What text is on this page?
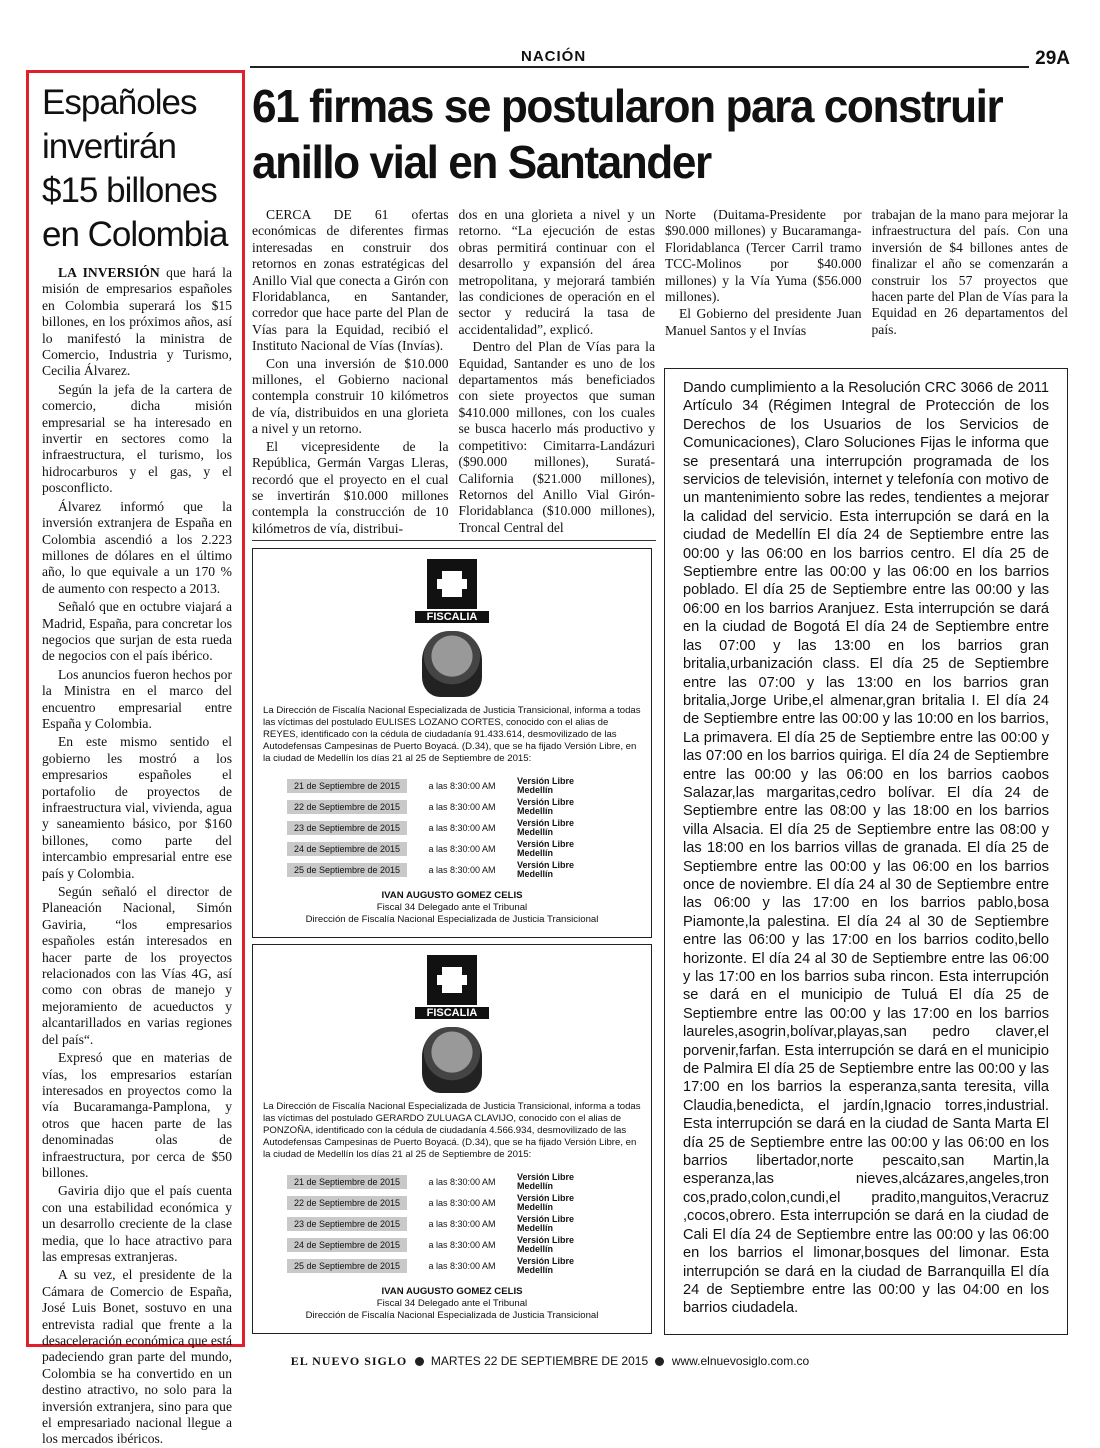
NACIÓN	29A
Españoles invertirán $15 billones en Colombia

LA INVERSIÓN que hará la misión de empresarios españoles en Colombia superará los $15 billones, en los próximos años, así lo manifestó la ministra de Comercio, Industria y Turismo, Cecilia Álvarez.

Según la jefa de la cartera de comercio, dicha misión empresarial se ha interesado en invertir en sectores como la infraestructura, el turismo, los hidrocarburos y el gas, y el posconflicto.

Álvarez informó que la inversión extranjera de España en Colombia ascendió a los 2.223 millones de dólares en el último año, lo que equivale a un 170 % de aumento con respecto a 2013.

Señaló que en octubre viajará a Madrid, España, para concretar los negocios que surjan de esta rueda de negocios con el país ibérico.

Los anuncios fueron hechos por la Ministra en el marco del encuentro empresarial entre España y Colombia.

En este mismo sentido el gobierno les mostró a los empresarios españoles el portafolio de proyectos de infraestructura vial, vivienda, agua y saneamiento básico, por $160 billones, como parte del intercambio empresarial entre ese país y Colombia.

Según señaló el director de Planeación Nacional, Simón Gaviria, “los empresarios españoles están interesados en hacer parte de los proyectos relacionados con las Vías 4G, así como con obras de manejo y mejoramiento de acueductos y alcantarillados en varias regiones del país“.

Expresó que en materias de vías, los empresarios estarían interesados en proyectos como la vía Bucaramanga-Pamplona, y otros que hacen parte de las denominadas olas de infraestructura, por cerca de $50 billones.

Gaviria dijo que el país cuenta con una estabilidad económica y un desarrollo creciente de la clase media, que lo hace atractivo para las empresas extranjeras.

A su vez, el presidente de la Cámara de Comercio de España, José Luis Bonet, sostuvo en una entrevista radial que frente a la desaceleración económica que está padeciendo gran parte del mundo, Colombia se ha convertido en un destino atractivo, no solo para la inversión extranjera, sino para que el empresariado nacional llegue a los mercados ibéricos.

61 firmas se postularon para construir anillo vial en Santander

CERCA DE 61 ofertas económicas de diferentes firmas interesadas en construir dos retornos en zonas estratégicas del Anillo Vial que conecta a Girón con Floridablanca, en Santander, corredor que hace parte del Plan de Vías para la Equidad, recibió el Instituto Nacional de Vías (Invías).

Con una inversión de $10.000 millones, el Gobierno nacional contempla construir 10 kilómetros de vía, distribuidos en una glorieta a nivel y un retorno.

El vicepresidente de la República, Germán Vargas Lleras, recordó que el proyecto en el cual se invertirán $10.000 millones contempla la construcción de 10 kilómetros de vía, distribui-

dos en una glorieta a nivel y un retorno. “La ejecución de estas obras permitirá continuar con el desarrollo y expansión del área metropolitana, y mejorará también las condiciones de operación en el sector y reducirá la tasa de accidentalidad”, explicó.

Dentro del Plan de Vías para la Equidad, Santander es uno de los departamentos más beneficiados con siete proyectos que suman $410.000 millones, con los cuales se busca hacerlo más productivo y competitivo: Cimitarra-Landázuri ($90.000 millones), Suratá-California ($21.000 millones), Retornos del Anillo Vial Girón-Floridablanca ($10.000 millones), Troncal Central del

Norte (Duitama-Presidente por $90.000 millones) y Bucaramanga-Floridablanca (Tercer Carril tramo TCC-Molinos por $40.000 millones) y la Vía Yuma ($56.000 millones).

El Gobierno del presidente Juan Manuel Santos y el Invías

trabajan de la mano para mejorar la infraestructura del país. Con una inversión de $4 billones antes de finalizar el año se comenzarán a construir los 57 proyectos que hacen parte del Plan de Vías para la Equidad en 26 departamentos del país.

FISCALIA
La Dirección de Fiscalía Nacional Especializada de Justicia Transicional, informa a todas las víctimas del postulado EULISES LOZANO CORTES, conocido con el alias de REYES, identificado con la cédula de ciudadanía 91.433.614, desmovilizado de las Autodefensas Campesinas de Puerto Boyacá. (D.34), que se ha fijado Versión Libre, en la ciudad de Medellín los días 21 al 25 de Septiembre de 2015:
21 de Septiembre de 2015	a las 8:30:00 AM	Versión Libre Medellín
22 de Septiembre de 2015	a las 8:30:00 AM	Versión Libre Medellín
23 de Septiembre de 2015	a las 8:30:00 AM	Versión Libre Medellín
24 de Septiembre de 2015	a las 8:30:00 AM	Versión Libre Medellín
25 de Septiembre de 2015	a las 8:30:00 AM	Versión Libre Medellín
IVAN AUGUSTO GOMEZ CELIS
Fiscal 34 Delegado ante el Tribunal
Dirección de Fiscalía Nacional Especializada de Justicia Transicional
FISCALIA
La Dirección de Fiscalía Nacional Especializada de Justicia Transicional, informa a todas las víctimas del postulado GERARDO ZULUAGA CLAVIJO, conocido con el alias de PONZOÑA, identificado con la cédula de ciudadanía 4.566.934, desmovilizado de las Autodefensas Campesinas de Puerto Boyacá. (D.34), que se ha fijado Versión Libre, en la ciudad de Medellín los días 21 al 25 de Septiembre de 2015:
21 de Septiembre de 2015	a las 8:30:00 AM	Versión Libre Medellín
22 de Septiembre de 2015	a las 8:30:00 AM	Versión Libre Medellín
23 de Septiembre de 2015	a las 8:30:00 AM	Versión Libre Medellín
24 de Septiembre de 2015	a las 8:30:00 AM	Versión Libre Medellín
25 de Septiembre de 2015	a las 8:30:00 AM	Versión Libre Medellín
IVAN AUGUSTO GOMEZ CELIS
Fiscal 34 Delegado ante el Tribunal
Dirección de Fiscalía Nacional Especializada de Justicia Transicional
Dando cumplimiento a la Resolución CRC 3066 de 2011 Artículo 34 (Régimen Integral de Protección de los Derechos de los Usuarios de los Servicios de Comunicaciones), Claro Soluciones Fijas le informa que se presentará una interrupción programada de los servicios de televisión, internet y telefonía con motivo de un mantenimiento sobre las redes, tendientes a mejorar la calidad del servicio. Esta interrupción se dará en la ciudad de Medellín El día 24 de Septiembre entre las 00:00 y las 06:00 en los barrios centro. El día 25 de Septiembre entre las 00:00 y las 06:00 en los barrios poblado. El día 25 de Septiembre entre las 00:00 y las 06:00 en los barrios Aranjuez. Esta interrupción se dará en la ciudad de Bogotá El día 24 de Septiembre entre las 07:00 y las 13:00 en los barrios gran britalia,urbanización class. El día 25 de Septiembre entre las 07:00 y las 13:00 en los barrios gran britalia,Jorge Uribe,el almenar,gran britalia I. El día 24 de Septiembre entre las 00:00 y las 10:00 en los barrios, La primavera. El día 25 de Septiembre entre las 00:00 y las 07:00 en los barrios quiriga. El día 24 de Septiembre entre las 00:00 y las 06:00 en los barrios caobos Salazar,las margaritas,cedro bolívar. El día 24 de Septiembre entre las 08:00 y las 18:00 en los barrios villa Alsacia. El día 25 de Septiembre entre las 08:00 y las 18:00 en los barrios villas de granada. El día 25 de Septiembre entre las 00:00 y las 06:00 en los barrios once de noviembre. El día 24 al 30 de Septiembre entre las 06:00 y las 17:00 en los barrios pablo,bosa Piamonte,la palestina. El día 24 al 30 de Septiembre entre las 06:00 y las 17:00 en los barrios codito,bello horizonte. El día 24 al 30 de Septiembre entre las 06:00 y las 17:00 en los barrios suba rincon. Esta interrupción se dará en el municipio de Tuluá El día 25 de Septiembre entre las 00:00 y las 17:00 en los barrios laureles,asogrin,bolívar,playas,san pedro claver,el porvenir,farfan. Esta interrupción se dará en el municipio de Palmira El día 25 de Septiembre entre las 00:00 y las 17:00 en los barrios la esperanza,santa teresita, villa Claudia,benedicta, el jardín,Ignacio torres,industrial. Esta interrupción se dará en la ciudad de Santa Marta El día 25 de Septiembre entre las 00:00 y las 06:00 en los barrios libertador,norte pescaito,san Martin,la esperanza,las nieves,alcázares,angeles,tron cos,prado,colon,cundi,el pradito,manguitos,Veracruz ,cocos,obrero. Esta interrupción se dará en la ciudad de Cali El día 24 de Septiembre entre las 00:00 y las 06:00 en los barrios el limonar,bosques del limonar. Esta interrupción se dará en la ciudad de Barranquilla El día 24 de Septiembre entre las 00:00 y las 04:00 en los barrios ciudadela.
EL NUEVO SIGLO MARTES 22 DE SEPTIEMBRE DE 2015 www.elnuevosiglo.com.co
